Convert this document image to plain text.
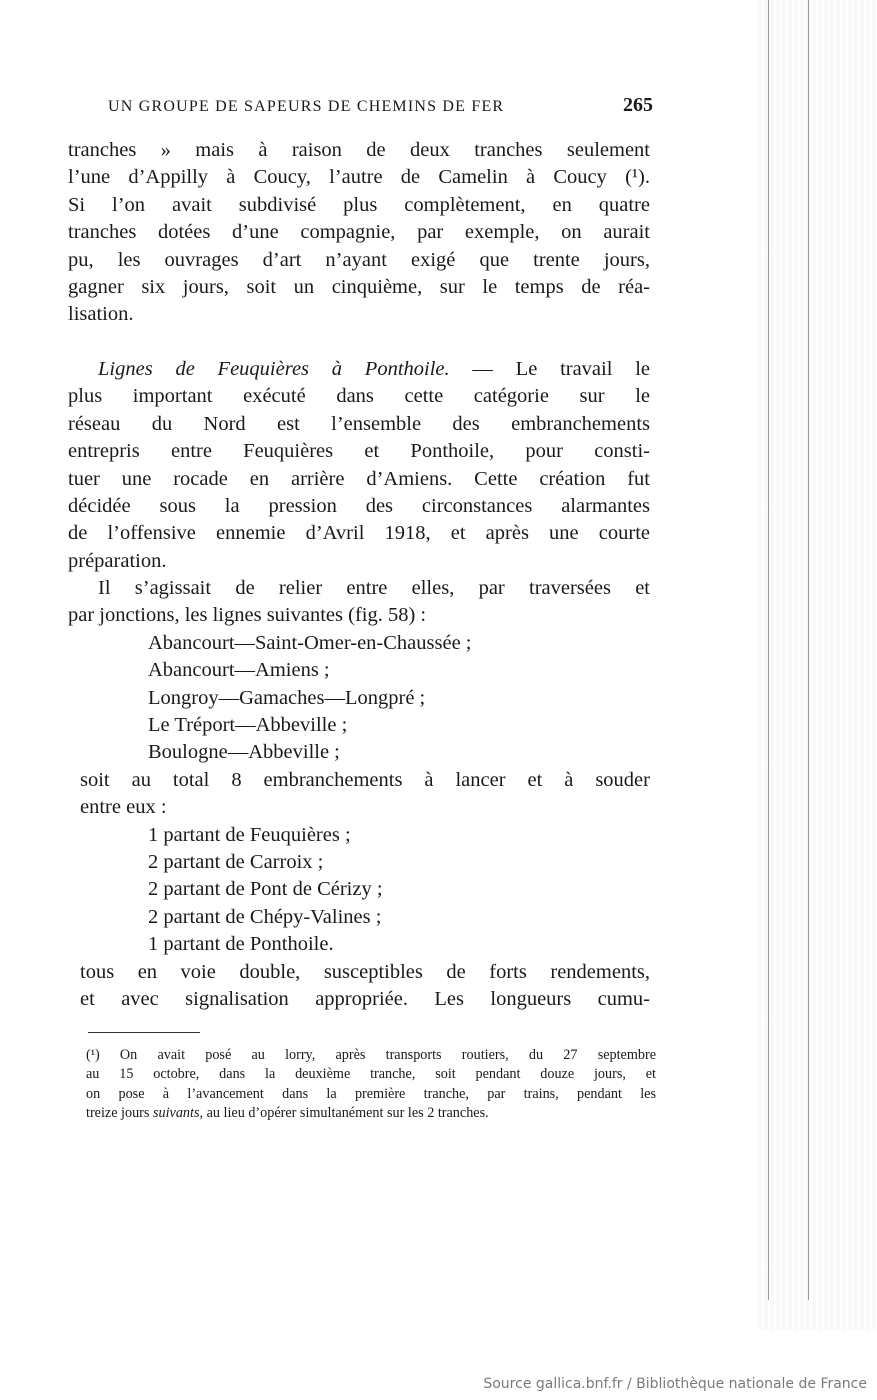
UN GROUPE DE SAPEURS DE CHEMINS DE FER	265
tranches » mais à raison de deux tranches seulement
l’une d’Appilly à Coucy, l’autre de Camelin à Coucy (¹).
Si l’on avait subdivisé plus complètement, en quatre
tranches dotées d’une compagnie, par exemple, on aurait
pu, les ouvrages d’art n’ayant exigé que trente jours,
gagner six jours, soit un cinquième, sur le temps de réa-
lisation.
Lignes de Feuquières à Ponthoile. — Le travail le
plus important exécuté dans cette catégorie sur le
réseau du Nord est l’ensemble des embranchements
entrepris entre Feuquières et Ponthoile, pour consti-
tuer une rocade en arrière d’Amiens. Cette création fut
décidée sous la pression des circonstances alarmantes
de l’offensive ennemie d’Avril 1918, et après une courte
préparation.
Il s’agissait de relier entre elles, par traversées et
par jonctions, les lignes suivantes (fig. 58) :
Abancourt—Saint-Omer-en-Chaussée ;
Abancourt—Amiens ;
Longroy—Gamaches—Longpré ;
Le Tréport—Abbeville ;
Boulogne—Abbeville ;
soit au total 8 embranchements à lancer et à souder
entre eux :
1 partant de Feuquières ;
2 partant de Carroix ;
2 partant de Pont de Cérizy ;
2 partant de Chépy-Valines ;
1 partant de Ponthoile.
tous en voie double, susceptibles de forts rendements,
et avec signalisation appropriée. Les longueurs cumu-
(¹) On avait posé au lorry, après transports routiers, du 27 septembre
au 15 octobre, dans la deuxième tranche, soit pendant douze jours, et
on pose à l’avancement dans la première tranche, par trains, pendant les
treize jours suivants, au lieu d’opérer simultanément sur les 2 tranches.
Source gallica.bnf.fr / Bibliothèque nationale de France
